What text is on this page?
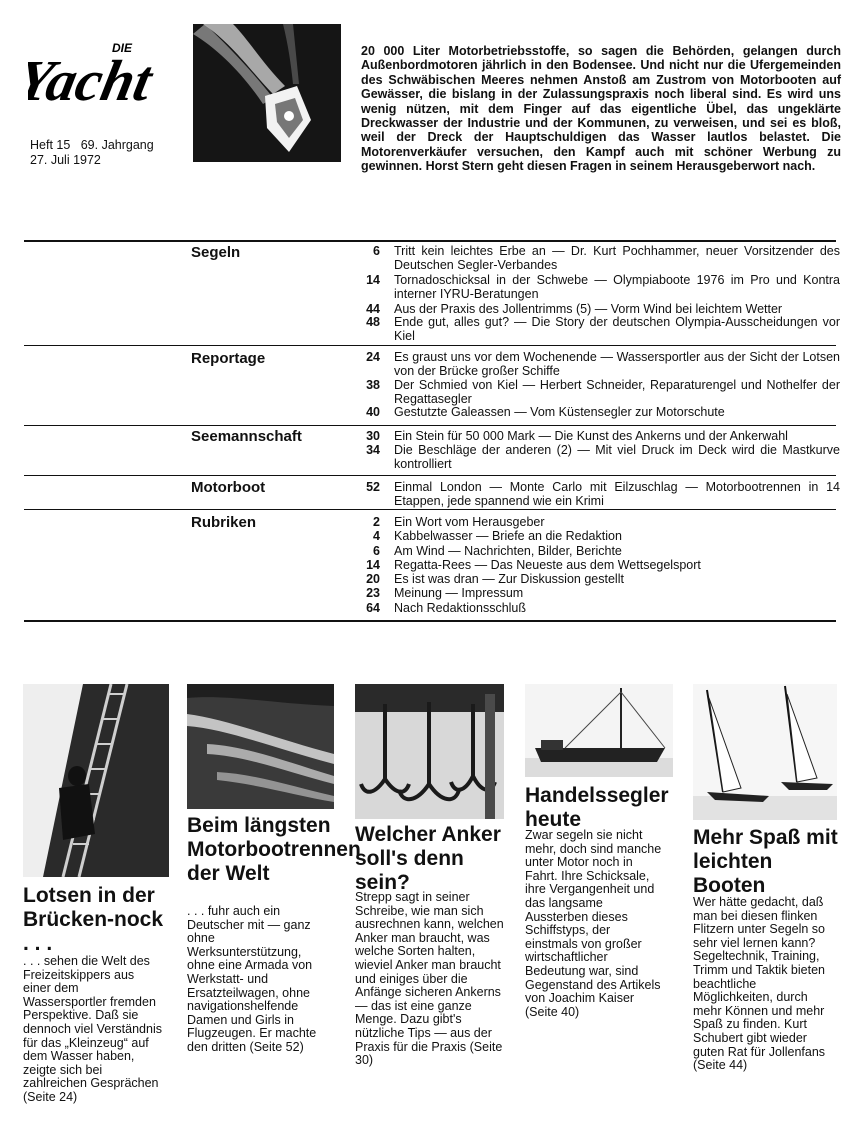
DIE
Yacht
Heft 15   69. Jahrgang
27. Juli 1972
20 000 Liter Motorbetriebsstoffe, so sagen die Behörden, gelangen durch Außenbordmotoren jährlich in den Bodensee. Und nicht nur die Ufergemeinden des Schwäbischen Meeres nehmen Anstoß am Zustrom von Motorbooten auf Gewässer, die bislang in der Zulassungspraxis noch liberal sind. Es wird uns wenig nützen, mit dem Finger auf das eigentliche Übel, das ungeklärte Dreckwasser der Industrie und der Kommunen, zu verweisen, und sei es bloß, weil der Dreck der Hauptschuldigen das Wasser lautlos belastet. Die Motorenverkäufer versuchen, den Kampf auch mit schöner Werbung zu gewinnen. Horst Stern geht diesen Fragen in seinem Herausgeberwort nach.
Segeln	6 Tritt kein leichtes Erbe an — Dr. Kurt Pochhammer, neuer Vorsitzender des Deutschen Segler-Verbandes
14 Tornadoschicksal in der Schwebe — Olympiaboote 1976 im Pro und Kontra interner IYRU-Beratungen
44 Aus der Praxis des Jollentrimms (5) — Vorm Wind bei leichtem Wetter
48 Ende gut, alles gut? — Die Story der deutschen Olympia-Ausscheidungen vor Kiel
Reportage	24 Es graust uns vor dem Wochenende — Wassersportler aus der Sicht der Lotsen von der Brücke großer Schiffe
38 Der Schmied von Kiel — Herbert Schneider, Reparaturengel und Nothelfer der Regattasegler
40 Gestutzte Galeassen — Vom Küstensegler zur Motorschute
Seemannschaft	30 Ein Stein für 50 000 Mark — Die Kunst des Ankerns und der Ankerwahl
34 Die Beschläge der anderen (2) — Mit viel Druck im Deck wird die Mastkurve kontrolliert
Motorboot	52 Einmal London — Monte Carlo mit Eilzuschlag — Motorbootrennen in 14 Etappen, jede spannend wie ein Krimi
Rubriken	2 Ein Wort vom Herausgeber
4 Kabbelwasser — Briefe an die Redaktion
6 Am Wind — Nachrichten, Bilder, Berichte
14 Regatta-Rees — Das Neueste aus dem Wettsegelsport
20 Es ist was dran — Zur Diskussion gestellt
23 Meinung — Impressum
64 Nach Redaktionsschluß
Lotsen in der Brücken-nock . . .
. . . sehen die Welt des Freizeitskippers aus einer dem Wassersportler fremden Perspektive. Daß sie dennoch viel Verständnis für das „Kleinzeug“ auf dem Wasser haben, zeigte sich bei zahlreichen Gesprächen (Seite 24)
Beim längsten Motorbootrennen der Welt
. . . fuhr auch ein Deutscher mit — ganz ohne Werksunterstützung, ohne eine Armada von Werkstatt- und Ersatzteilwagen, ohne navigationshelfende Damen und Girls in Flugzeugen. Er machte den dritten (Seite 52)
Welcher Anker soll's denn sein?
Strepp sagt in seiner Schreibe, wie man sich ausrechnen kann, welchen Anker man braucht, was welche Sorten halten, wieviel Anker man braucht und einiges über die Anfänge sicheren Ankerns — das ist eine ganze Menge. Dazu gibt's nützliche Tips — aus der Praxis für die Praxis (Seite 30)
Handelssegler heute
Zwar segeln sie nicht mehr, doch sind manche unter Motor noch in Fahrt. Ihre Schicksale, ihre Vergangenheit und das langsame Aussterben dieses Schiffstyps, der einstmals von großer wirtschaftlicher Bedeutung war, sind Gegenstand des Artikels von Joachim Kaiser (Seite 40)
Mehr Spaß mit leichten Booten
Wer hätte gedacht, daß man bei diesen flinken Flitzern unter Segeln so sehr viel lernen kann? Segeltechnik, Training, Trimm und Taktik bieten beachtliche Möglichkeiten, durch mehr Können und mehr Spaß zu finden. Kurt Schubert gibt wieder guten Rat für Jollenfans (Seite 44)
